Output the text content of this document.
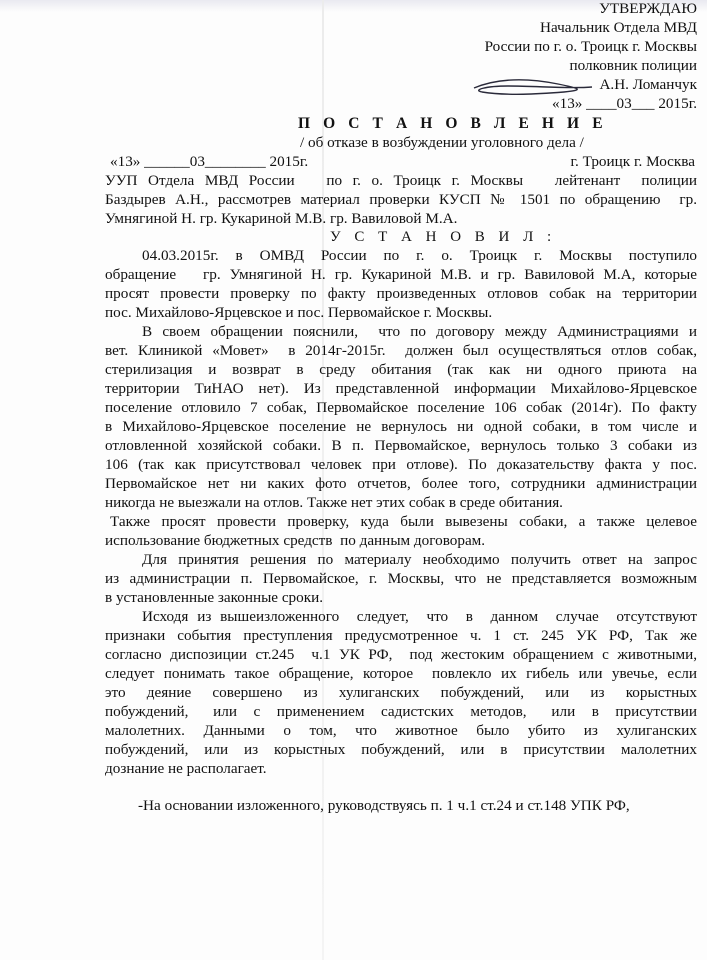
УТВЕРЖДАЮ
Начальник Отдела МВД
России по г. о. Троицк г. Москвы
полковник полиции
А.Н. Ломанчук
«13» ____03___ 2015г.
П О С Т А Н О В Л Е Н И Е
/ об отказе в возбуждении уголовного дела /
«13» ______03________ 2015г.	г. Троицк г. Москва
УУП Отдела МВД России   по г. о. Троицк г. Москвы   лейтенант  полиции
Баздырев А.Н., рассмотрев материал проверки КУСП № 1501 по обращению  гр.
Умнягиной Н. гр. Кукариной М.В. гр. Вавиловой М.А.
У С Т А Н О В И Л :
04.03.2015г.  в  ОМВД  России  по  г.  о.  Троицк  г.  Москвы  поступило
обращение   гр. Умнягиной Н. гр. Кукариной М.В. и гр. Вавиловой М.А, которые
просят провести проверку по факту произведенных отловов собак на территории
пос. Михайлово-Ярцевское и пос. Первомайское г. Москвы.
В своем обращении пояснили,  что по договору между Администрациями и
вет. Клиникой «Мовет»  в 2014г-2015г.  должен был осуществляться отлов собак,
стерилизация  и  возврат  в  среду  обитания  (так  как  ни  одного  приюта  на
территории ТиНАО нет). Из представленной информации Михайлово-Ярцевское
поселение отловило 7 собак, Первомайское поселение 106 собак (2014г). По факту
в Михайлово-Ярцевское поселение не вернулось ни одной собаки, в том числе и
отловленной хозяйской собаки. В п. Первомайское, вернулось только 3 собаки из
106 (так как присутствовал человек при отлове). По доказательству факта у пос.
Первомайское нет ни каких фото отчетов, более того, сотрудники администрации
никогда не выезжали на отлов. Также нет этих собак в среде обитания.
Также просят провести проверку, куда были вывезены собаки, а также целевое
использование бюджетных средств  по данным договорам.
Для принятия решения по материалу необходимо получить ответ на запрос
из администрации п. Первомайское, г. Москвы, что не представляется возможным
в установленные законные сроки.
Исходя из вышеизложенного  следует,  что  в  данном  случае  отсутствуют
признаки события преступления предусмотренное ч. 1 ст. 245 УК РФ, Так же
согласно диспозиции ст.245  ч.1 УК РФ,  под жестоким обращением с животными,
следует понимать такое обращение, которое  повлекло их гибель или увечье, если
это   деяние   совершено   из   хулиганских   побуждений,   или   из   корыстных
побуждений,   или  с  применением  садистских  методов,   или  в  присутствии
малолетних.  Данными  о  том,  что  животное  было  убито  из  хулиганских
побуждений, или из корыстных побуждений, или в присутствии малолетних
дознание не располагает.
-На основании изложенного, руководствуясь п. 1 ч.1 ст.24 и ст.148 УПК РФ,
